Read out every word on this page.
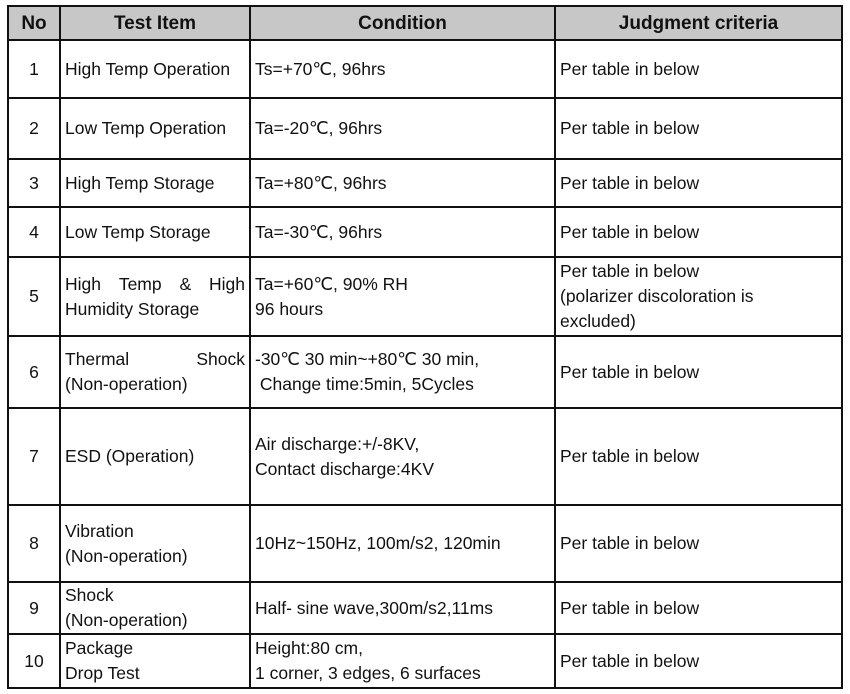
No	Test Item	Condition	Judgment criteria
1	High Temp Operation	Ts=+70℃, 96hrs	Per table in below

2	Low Temp Operation	Ta=-20℃, 96hrs	Per table in below

3	High Temp Storage	Ta=+80℃, 96hrs	Per table in below

4	Low Temp Storage	Ta=-30℃, 96hrs	Per table in below

5	High Temp & High
Humidity Storage	Ta=+60℃, 90% RH
96 hours	Per table in below
(polarizer discoloration is
excluded)

6	Thermal Shock
(Non-operation)	-30℃ 30 min~+80℃ 30 min,
Change time:5min, 5Cycles	Per table in below

7	ESD (Operation)	Air discharge:+/-8KV,
Contact discharge:4KV	Per table in below

8	Vibration
(Non-operation)	10Hz~150Hz, 100m/s2, 120min	Per table in below

9	Shock
(Non-operation)	Half- sine wave,300m/s2,11ms	Per table in below

10	Package
Drop Test	Height:80 cm,
1 corner, 3 edges, 6 surfaces	Per table in below
